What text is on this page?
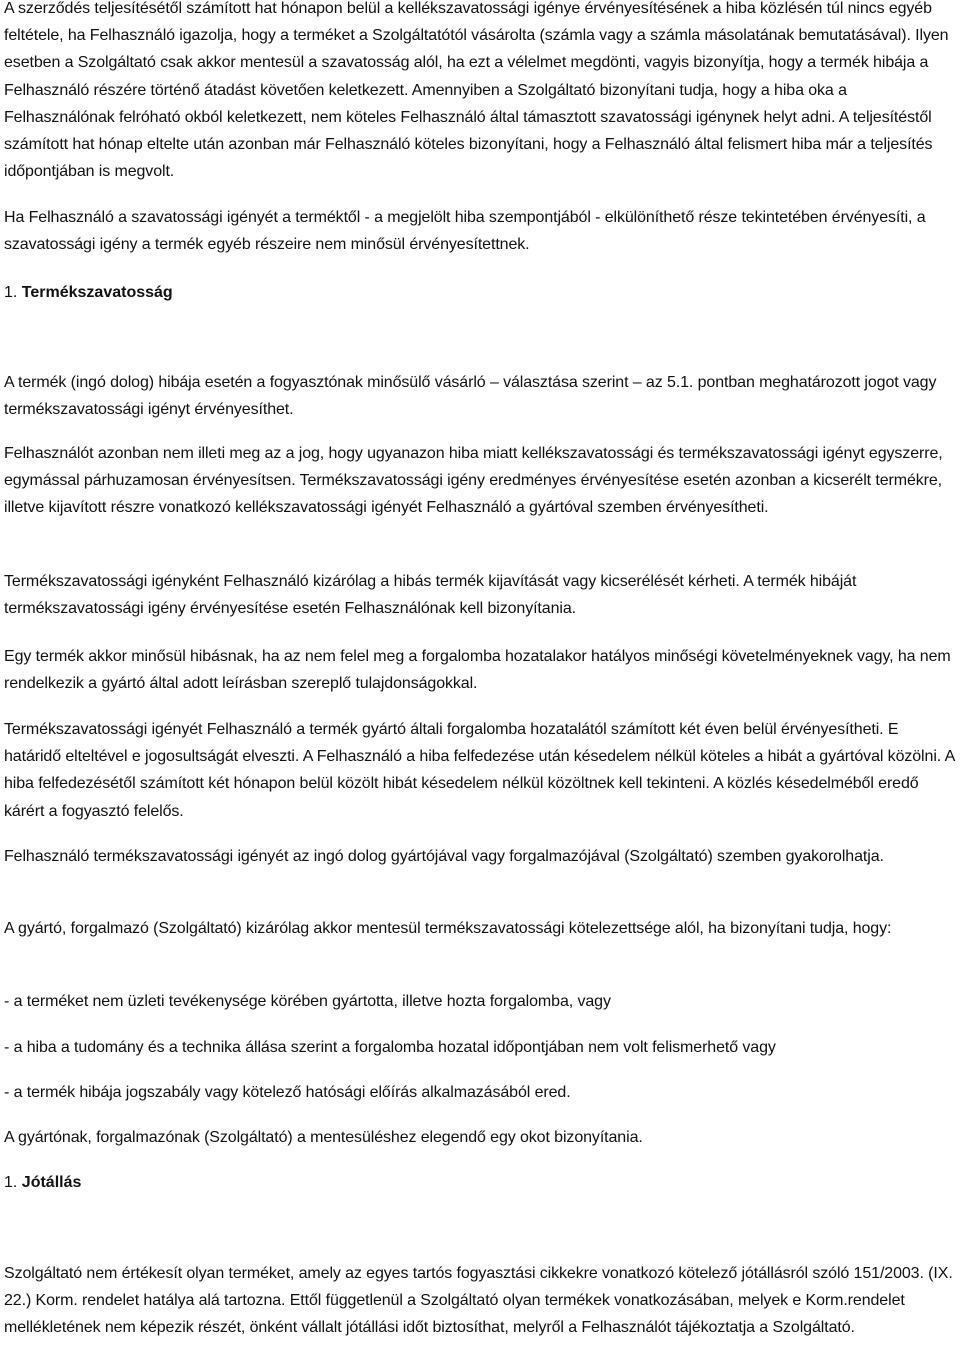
A szerződés teljesítésétől számított hat hónapon belül a kellékszavatossági igénye érvényesítésének a hiba közlésén túl nincs egyéb feltétele, ha Felhasználó igazolja, hogy a terméket a Szolgáltatótól vásárolta (számla vagy a számla másolatának bemutatásával). Ilyen esetben a Szolgáltató csak akkor mentesül a szavatosság alól, ha ezt a vélelmet megdönti, vagyis bizonyítja, hogy a termék hibája a Felhasználó részére történő átadást követően keletkezett. Amennyiben a Szolgáltató bizonyítani tudja, hogy a hiba oka a Felhasználónak felróható okból keletkezett, nem köteles Felhasználó által támasztott szavatossági igénynek helyt adni. A teljesítéstől számított hat hónap eltelte után azonban már Felhasználó köteles bizonyítani, hogy a Felhasználó által felismert hiba már a teljesítés időpontjában is megvolt.

Ha Felhasználó a szavatossági igényét a terméktől - a megjelölt hiba szempontjából - elkülöníthető része tekintetében érvényesíti, a szavatossági igény a termék egyéb részeire nem minősül érvényesítettnek.

1. Termékszavatosság

A termék (ingó dolog) hibája esetén a fogyasztónak minősülő vásárló – választása szerint – az 5.1. pontban meghatározott jogot vagy termékszavatossági igényt érvényesíthet.

Felhasználót azonban nem illeti meg az a jog, hogy ugyanazon hiba miatt kellékszavatossági és termékszavatossági igényt egyszerre, egymással párhuzamosan érvényesítsen. Termékszavatossági igény eredményes érvényesítése esetén azonban a kicserélt termékre, illetve kijavított részre vonatkozó kellékszavatossági igényét Felhasználó a gyártóval szemben érvényesítheti.

Termékszavatossági igényként Felhasználó kizárólag a hibás termék kijavítását vagy kicserélését kérheti. A termék hibáját termékszavatossági igény érvényesítése esetén Felhasználónak kell bizonyítania.

Egy termék akkor minősül hibásnak, ha az nem felel meg a forgalomba hozatalakor hatályos minőségi követelményeknek vagy, ha nem rendelkezik a gyártó által adott leírásban szereplő tulajdonságokkal.

Termékszavatossági igényét Felhasználó a termék gyártó általi forgalomba hozatalától számított két éven belül érvényesítheti. E határidő elteltével e jogosultságát elveszti. A Felhasználó a hiba felfedezése után késedelem nélkül köteles a hibát a gyártóval közölni. A hiba felfedezésétől számított két hónapon belül közölt hibát késedelem nélkül közöltnek kell tekinteni. A közlés késedelméből eredő kárért a fogyasztó felelős.

Felhasználó termékszavatossági igényét az ingó dolog gyártójával vagy forgalmazójával (Szolgáltató) szemben gyakorolhatja.

A gyártó, forgalmazó (Szolgáltató) kizárólag akkor mentesül termékszavatossági kötelezettsége alól, ha bizonyítani tudja, hogy:

- a terméket nem üzleti tevékenysége körében gyártotta, illetve hozta forgalomba, vagy

- a hiba a tudomány és a technika állása szerint a forgalomba hozatal időpontjában nem volt felismerhető vagy

- a termék hibája jogszabály vagy kötelező hatósági előírás alkalmazásából ered.

A gyártónak, forgalmazónak (Szolgáltató) a mentesüléshez elegendő egy okot bizonyítania.

1. Jótállás

Szolgáltató nem értékesít olyan terméket, amely az egyes tartós fogyasztási cikkekre vonatkozó kötelező jótállásról szóló 151/2003. (IX. 22.) Korm. rendelet hatálya alá tartozna. Ettől függetlenül a Szolgáltató olyan termékek vonatkozásában, melyek e Korm.rendelet mellékletének nem képezik részét, önként vállalt jótállási időt biztosíthat, melyről a Felhasználót tájékoztatja a Szolgáltató.
